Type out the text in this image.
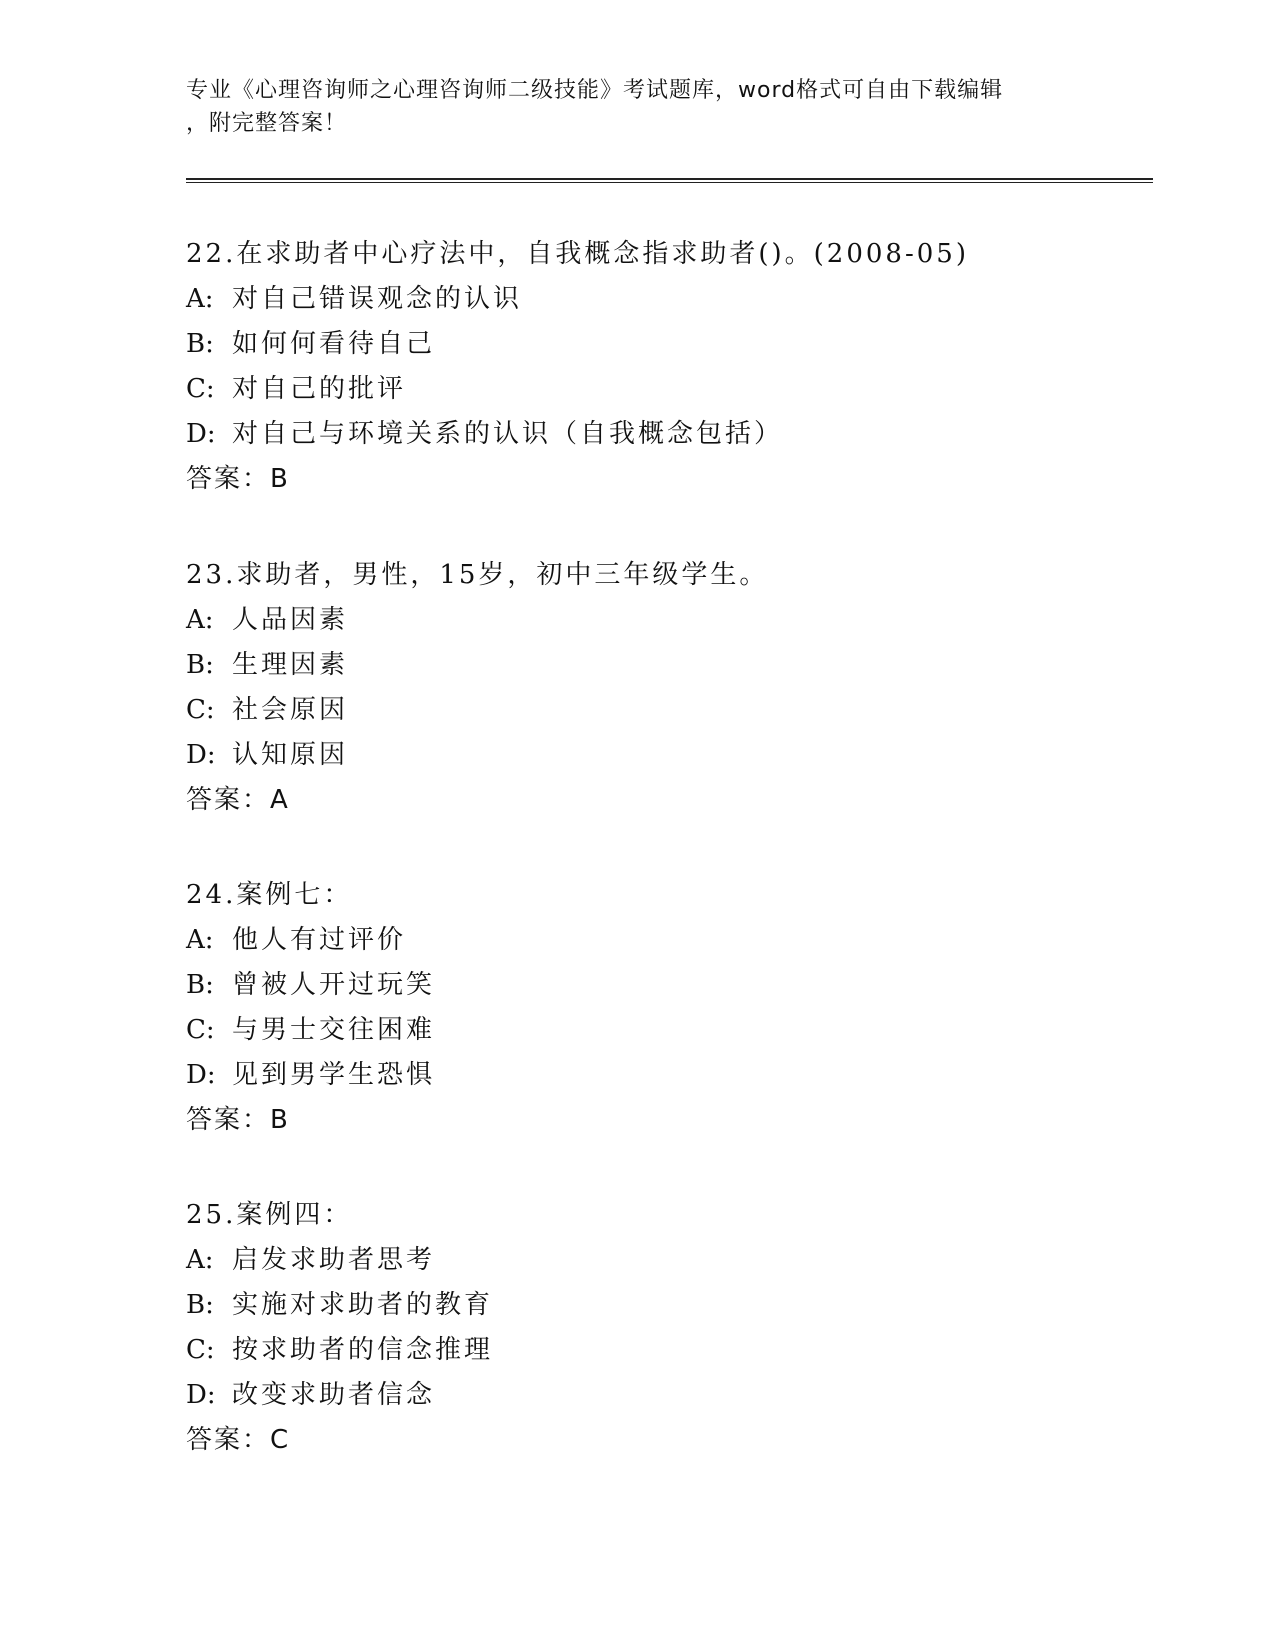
专业《心理咨询师之心理咨询师二级技能》考试题库，word格式可自由下载编辑
，附完整答案！
22.在求助者中心疗法中，自我概念指求助者()。(2008-05)
A: 对自己错误观念的认识
B: 如何何看待自己
C: 对自己的批评
D: 对自己与环境关系的认识（自我概念包括）
答案：B
23.求助者，男性，15岁，初中三年级学生。
A: 人品因素
B: 生理因素
C: 社会原因
D: 认知原因
答案：A
24.案例七：
A: 他人有过评价
B: 曾被人开过玩笑
C: 与男士交往困难
D: 见到男学生恐惧
答案：B
25.案例四：
A: 启发求助者思考
B: 实施对求助者的教育
C: 按求助者的信念推理
D: 改变求助者信念
答案：C
